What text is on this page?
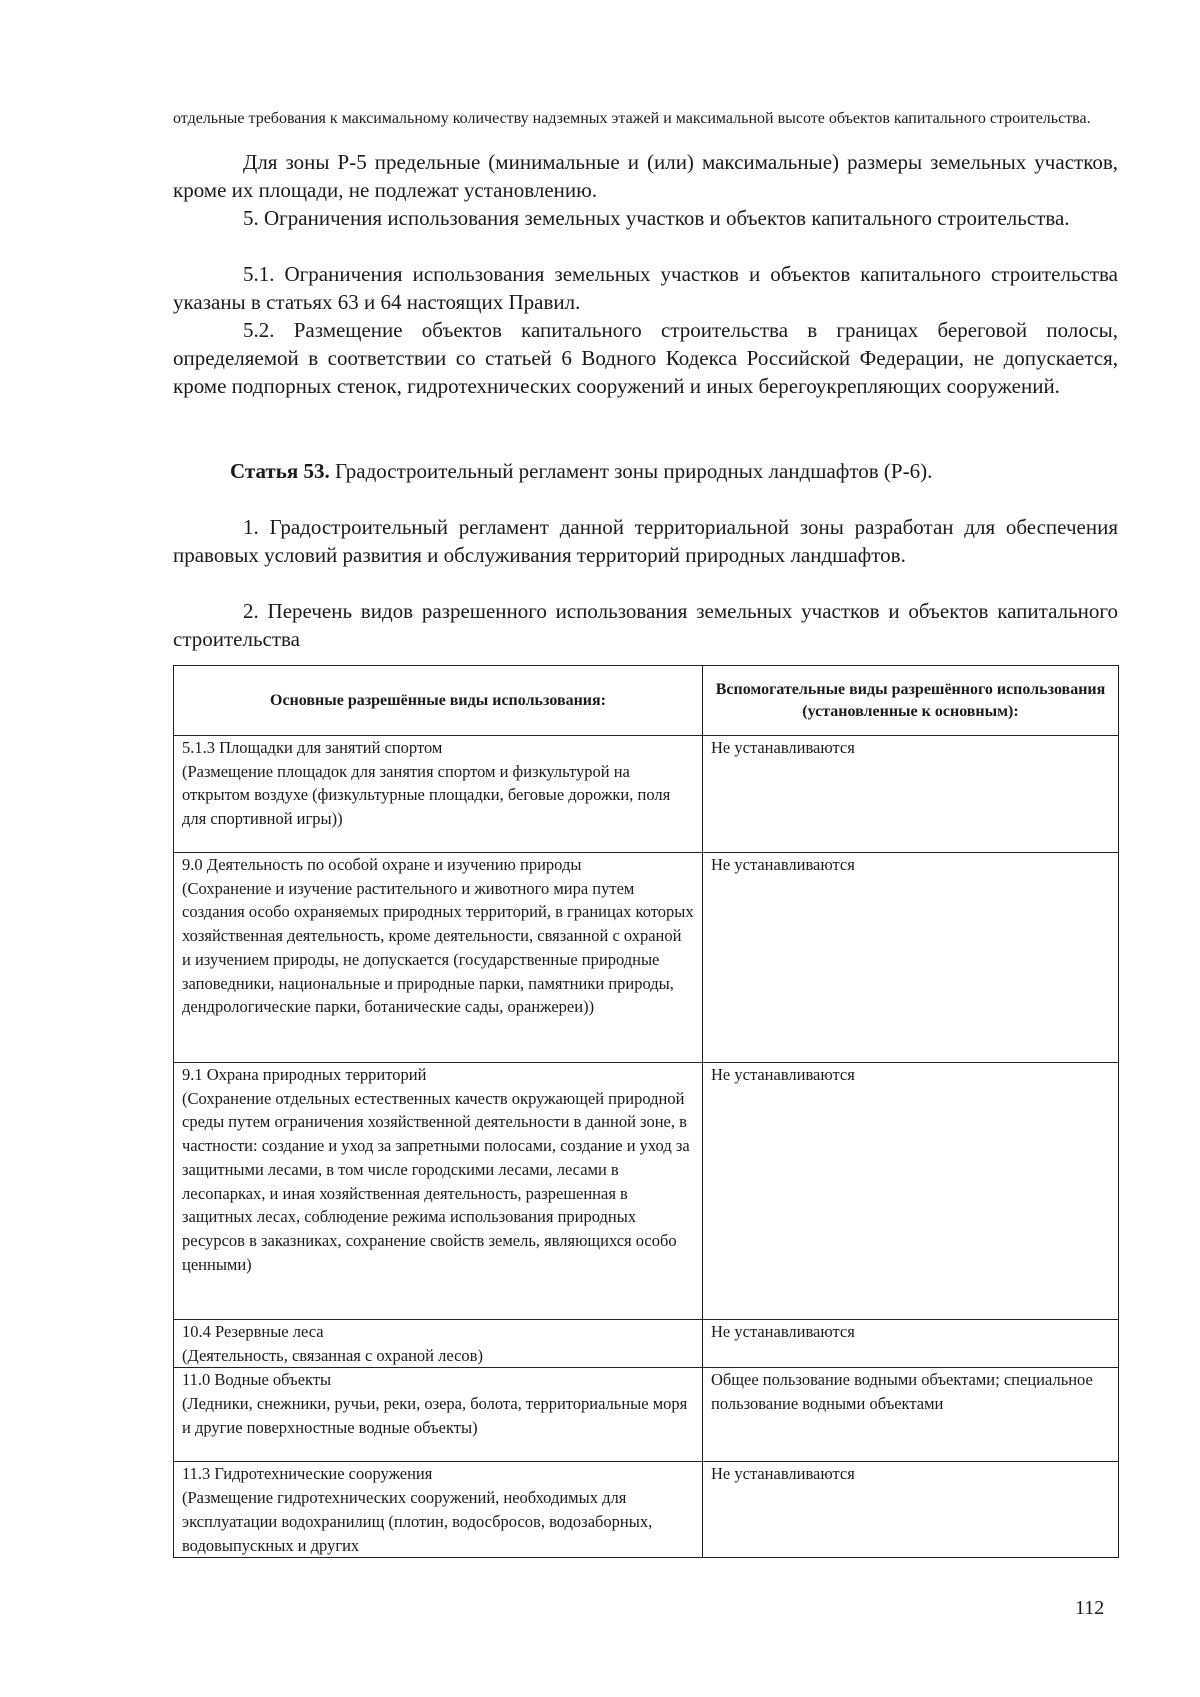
отдельные требования к максимальному количеству надземных этажей и максимальной высоте объектов капитального строительства.

Для зоны Р-5 предельные (минимальные и (или) максимальные) размеры земельных участков, кроме их площади, не подлежат установлению.

5. Ограничения использования земельных участков и объектов капитального строительства.

5.1. Ограничения использования земельных участков и объектов капитального строительства указаны в статьях 63 и 64 настоящих Правил.

5.2. Размещение объектов капитального строительства в границах береговой полосы, определяемой в соответствии со статьей 6 Водного Кодекса Российской Федерации, не допускается, кроме подпорных стенок, гидротехнических сооружений и иных берегоукрепляющих сооружений.

Статья 53. Градостроительный регламент зоны природных ландшафтов (Р-6).

1. Градостроительный регламент данной территориальной зоны разработан для обеспечения правовых условий развития и обслуживания территорий природных ландшафтов.

2. Перечень видов разрешенного использования земельных участков и объектов капитального строительства

Основные разрешённые виды использования:	Вспомогательные виды разрешённого использования (установленные к основным):

5.1.3 Площадки для занятий спортом
(Размещение площадок для занятия спортом и физкультурой на открытом воздухе (физкультурные площадки, беговые дорожки, поля для спортивной игры))	Не устанавливаются

9.0 Деятельность по особой охране и изучению природы
(Сохранение и изучение растительного и животного мира путем создания особо охраняемых природных территорий, в границах которых хозяйственная деятельность, кроме деятельности, связанной с охраной и изучением природы, не допускается (государственные природные заповедники, национальные и природные парки, памятники природы, дендрологические парки, ботанические сады, оранжереи))	Не устанавливаются

9.1 Охрана природных территорий
(Сохранение отдельных естественных качеств окружающей природной среды путем ограничения хозяйственной деятельности в данной зоне, в частности: создание и уход за запретными полосами, создание и уход за защитными лесами, в том числе городскими лесами, лесами в лесопарках, и иная хозяйственная деятельность, разрешенная в защитных лесах, соблюдение режима использования природных ресурсов в заказниках, сохранение свойств земель, являющихся особо ценными)	Не устанавливаются

10.4 Резервные леса
(Деятельность, связанная с охраной лесов)	Не устанавливаются

11.0 Водные объекты
(Ледники, снежники, ручьи, реки, озера, болота, территориальные моря и другие поверхностные водные объекты)	Общее пользование водными объектами; специальное пользование водными объектами

11.3 Гидротехнические сооружения
(Размещение гидротехнических сооружений, необходимых для эксплуатации водохранилищ (плотин, водосбросов, водозаборных, водовыпускных и других	Не устанавливаются
112
